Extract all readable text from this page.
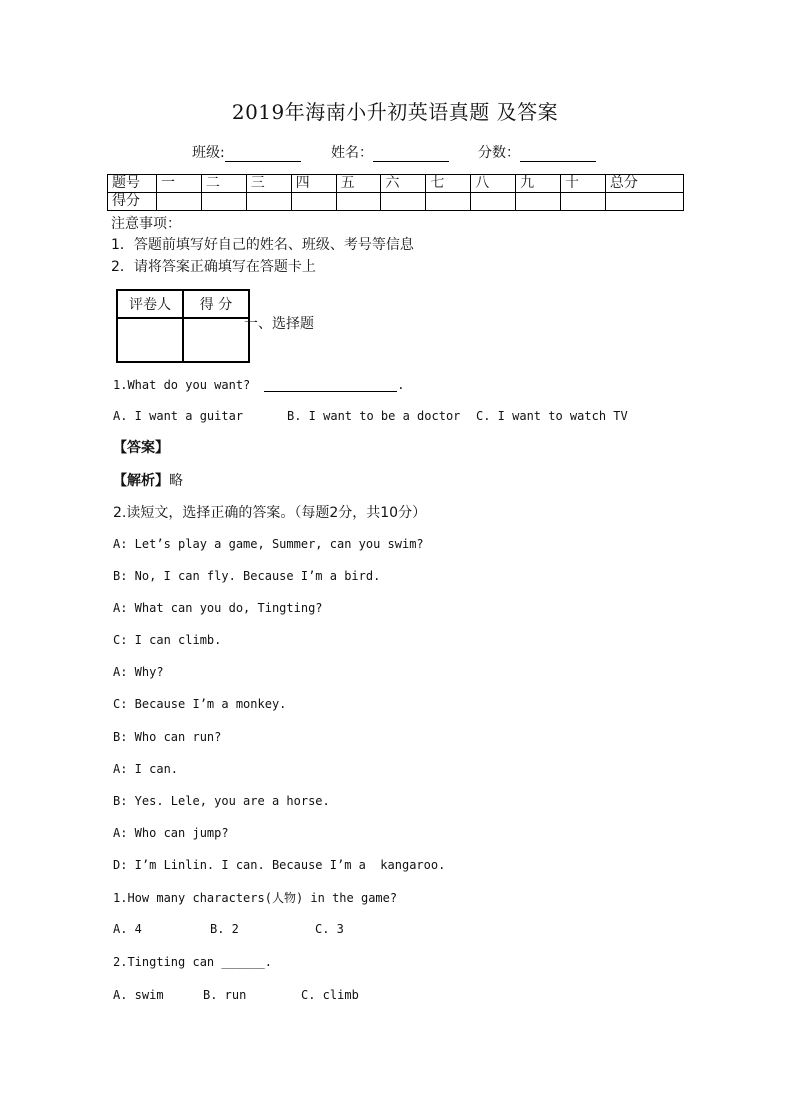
2019年海南小升初英语真题 及答案
班级:	姓名：	分数：
题号	一	二	三	四	五	六	七	八	九	十	总分
得分											
注意事项：
1．答题前填写好自己的姓名、班级、考号等信息
2．请将答案正确填写在答题卡上
评卷人	得 分

一、选择题
1.What do you want?	.
A. I want a guitar	B. I want to be a doctor C. I want to watch TV
【答案】
【解析】略
2.读短文，选择正确的答案。（每题2分，共10分）
A: Let’s play a game, Summer, can you swim?
B: No, I can fly. Because I’m a bird.
A: What can you do, Tingting?
C: I can climb.
A: Why?
C: Because I’m a monkey.
B: Who can run?
A: I can.
B: Yes. Lele, you are a horse.
A: Who can jump?
D: I’m Linlin. I can. Because I’m a  kangaroo.
1.How many characters(人物) in the game?
A. 4	B. 2	C. 3
2.Tingting can ______.
A. swim	B. run	C. climb
